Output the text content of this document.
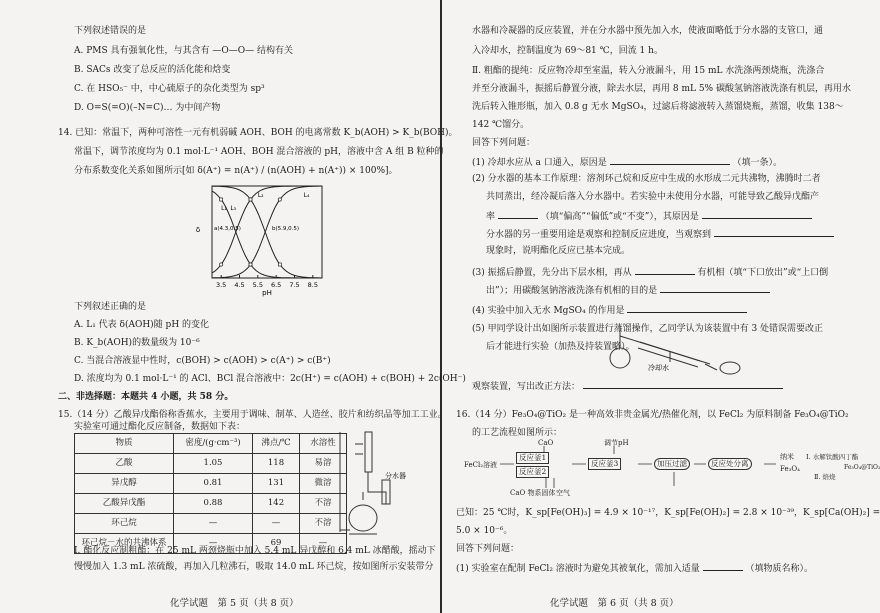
下列叙述错误的是
A. PMS 具有强氧化性，与其含有 —O—O— 结构有关
B. SACs 改变了总反应的活化能和焓变
C. 在 HSO₅⁻ 中，中心硫原子的杂化类型为 sp³
D. O=S(=O)(–N=C)… 为中间产物
14. 已知：常温下，两种可溶性一元有机弱碱 AOH、BOH 的电离常数 K_b(AOH) > K_b(BOH)。
常温下，调节浓度均为 0.1 mol·L⁻¹ AOH、BOH 混合溶液的 pH，溶液中含 A 组 B 粒种的
分布系数变化关系如图所示[如 δ(A⁺) = n(A⁺) / (n(AOH) + n(A⁺)) × 100%]。
3.5 4.5 5.5 6.5 7.5 8.5
pH
δ
L₁
L₂
L₃
L₄
a(4.3,0.5)	b(5.9,0.5)
下列叙述正确的是
A. L₁ 代表 δ(AOH)随 pH 的变化
B. K_b(AOH)的数量级为 10⁻⁶
C. 当混合溶液显中性时，c(BOH) > c(AOH) > c(A⁺) > c(B⁺)
D. 浓度均为 0.1 mol·L⁻¹ 的 ACl、BCl 混合溶液中：2c(H⁺) = c(AOH) + c(BOH) + 2c(OH⁻)
二、非选择题：本题共 4 小题，共 58 分。
15.（14 分）乙酸异戊酯俗称香蕉水，主要用于调味、制革、人造丝、胶片和纺织品等加工工业。
实验室可通过酯化反应制备，数据如下表：
物质	密度/(g·cm⁻³)	沸点/℃	水溶性
乙酸	1.05	118	易溶
异戊醇	0.81	131	微溶
乙酸异戊酯	0.88	142	不溶
环己烷	—	—	不溶
环己烷－水的共沸体系	—	69	—
分水器
Ⅰ. 酯化反应制粗酯：在 25 mL 两颈烧瓶中加入 5.4 mL 异戊醇和 6.4 mL 冰醋酸，摇动下
慢慢加入 1.3 mL 浓硫酸，再加入几粒沸石，吸取 14.0 mL 环己烷，按如图所示安装带分
化学试题　第 5 页（共 8 页）
水器和冷凝器的反应装置，并在分水器中预先加入水，使液面略低于分水器的支管口，通
入冷却水，控制温度为 69～81 ℃，回流 1 h。
Ⅱ. 粗酯的提纯：反应物冷却至室温，转入分液漏斗，用 15 mL 水洗涤两颈烧瓶，洗涤合
并至分液漏斗，振摇后静置分液，除去水层，再用 8 mL 5% 碳酸氢钠溶液洗涤有机层，再用水
洗后转入锥形瓶，加入 0.8 g 无水 MgSO₄，过滤后将滤液转入蒸馏烧瓶，蒸馏，收集 138～
142 ℃馏分。
回答下列问题：
(1) 冷却水应从 a 口通入，原因是	（填一条）。
(2) 分水器的基本工作原理：溶剂环己烷和反应中生成的水形成二元共沸物，沸腾时二者
共同蒸出，经冷凝后落入分水器中。若实验中未使用分水器，可能导致乙酸异戊酯产
率	（填“偏高”“偏低”或“不变”），其原因是
分水器的另一重要用途是观察和控制反应进度，当观察到
现象时，说明酯化反应已基本完成。
(3) 振摇后静置，先分出下层水相，再从	有机相（填“下口放出”或“上口倒
出”）；用碳酸氢钠溶液洗涤有机相的目的是
(4) 实验中加入无水 MgSO₄ 的作用是
(5) 甲同学设计出如图所示装置进行蒸馏操作，乙同学认为该装置中有 3 处错误需要改正
后才能进行实验（加热及持装置略）。
冷却水
观察装置，写出改正方法：
16.（14 分）Fe₃O₄@TiO₂ 是一种高效非贵金属光/热催化剂，以 FeCl₂ 为原料制备 Fe₃O₄@TiO₂
的工艺流程如图所示：
FeCl₂溶液
反应釜1
反应釜2
反应釜3	加压过滤	反应处分离
CaO	调节pH
CaO 物系固体 空气
纳米
Fe₃O₄
Ⅰ. 水解钛酸四丁酯
Ⅱ. 焙烧
Fe₃O₄@TiO₂
已知：25 ℃时，K_sp[Fe(OH)₃] = 4.9 × 10⁻¹⁷，K_sp[Fe(OH)₂] = 2.8 × 10⁻³⁹，K_sp[Ca(OH)₂] =
5.0 × 10⁻⁶。
回答下列问题：
(1) 实验室在配制 FeCl₂ 溶液时为避免其被氧化，需加入适量	（填物质名称）。
化学试题　第 6 页（共 8 页）
